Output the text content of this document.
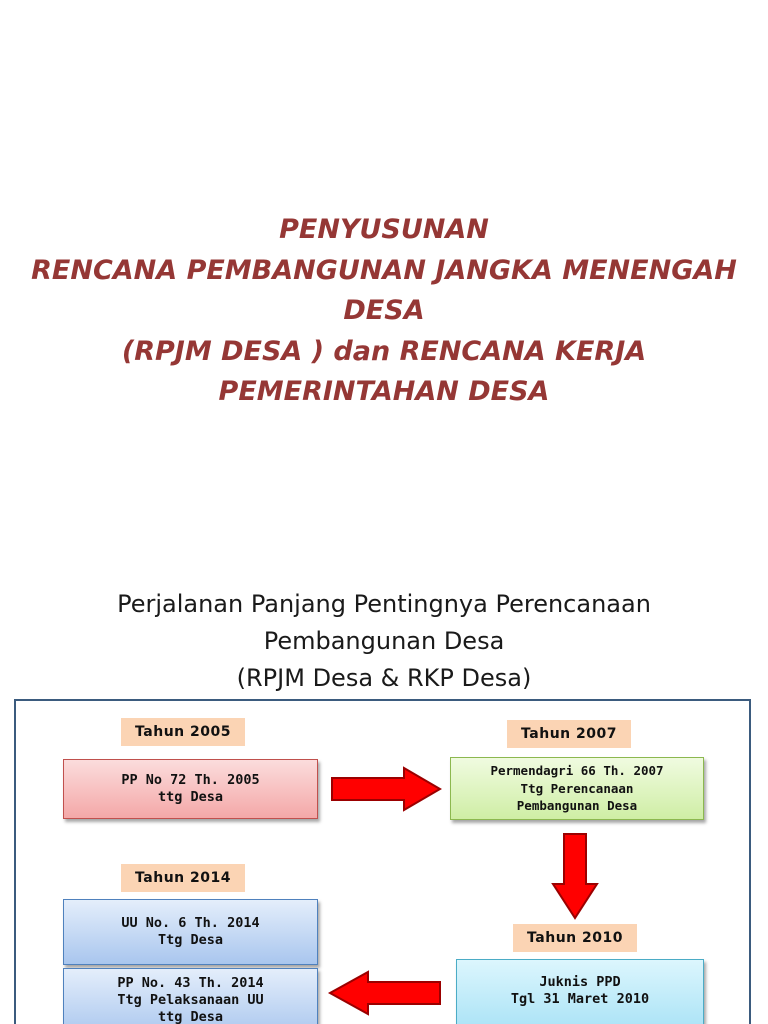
PENYUSUNAN
RENCANA PEMBANGUNAN JANGKA MENENGAH
DESA
(RPJM DESA ) dan RENCANA KERJA
PEMERINTAHAN DESA
Perjalanan Panjang Pentingnya Perencanaan
Pembangunan Desa
(RPJM Desa & RKP Desa)
Tahun 2005	Tahun 2007
Tahun 2014
Tahun 2010
PP No 72 Th. 2005
ttg Desa
Permendagri 66 Th. 2007
Ttg Perencanaan
Pembangunan Desa
UU No. 6 Th. 2014
Ttg Desa
PP No. 43 Th. 2014
Ttg Pelaksanaan UU
ttg Desa
Juknis PPD
Tgl 31 Maret 2010
